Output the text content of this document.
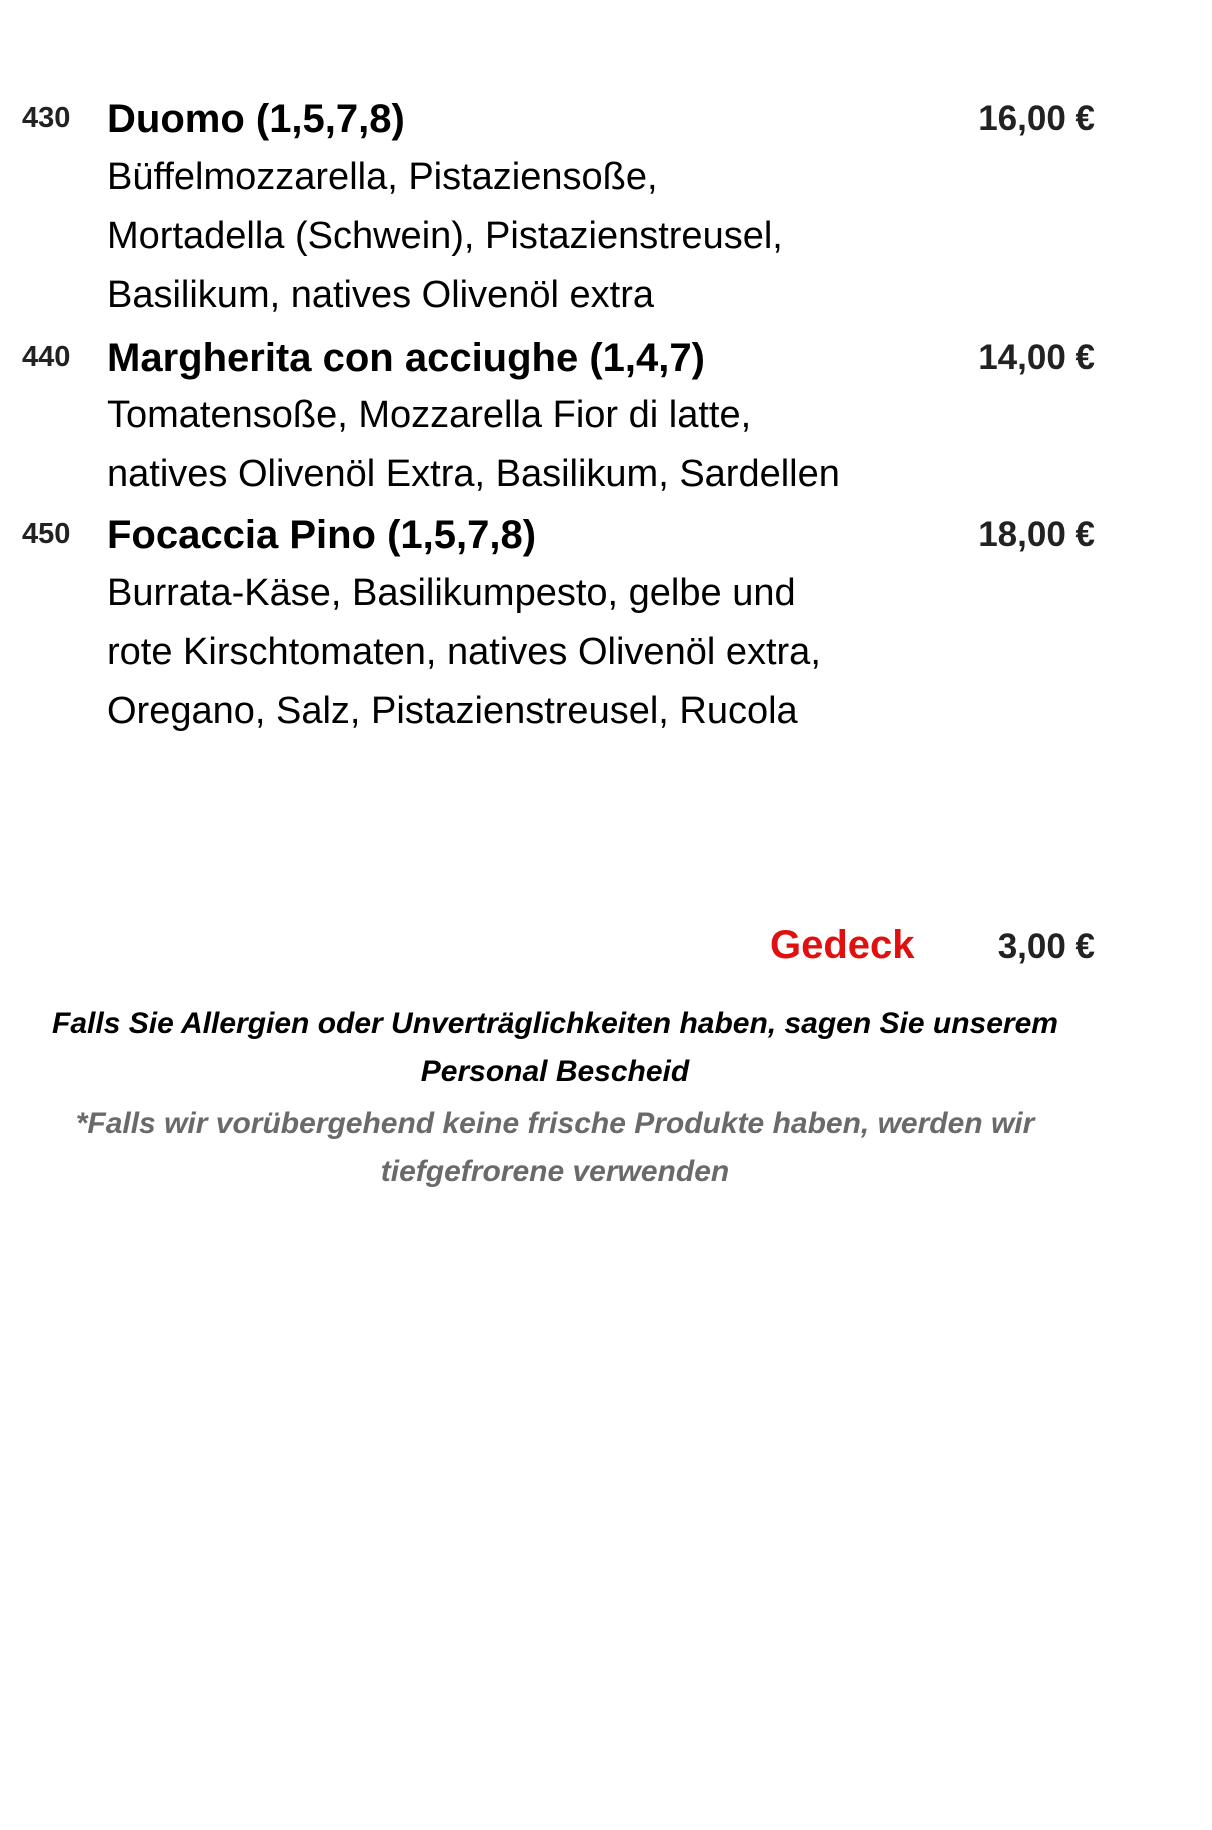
430 Duomo (1,5,7,8)	16,00 €
Büffelmozzarella, Pistaziensoße,
Mortadella (Schwein), Pistazienstreusel,
Basilikum, natives Olivenöl extra
440 Margherita con acciughe (1,4,7)	14,00 €
Tomatensoße, Mozzarella Fior di latte,
natives Olivenöl Extra, Basilikum, Sardellen
450 Focaccia Pino (1,5,7,8)	18,00 €
Burrata-Käse, Basilikumpesto, gelbe und
rote Kirschtomaten, natives Olivenöl extra,
Oregano, Salz, Pistazienstreusel, Rucola
Gedeck 3,00 €
Falls Sie Allergien oder Unverträglichkeiten haben, sagen Sie unserem
Personal Bescheid
*Falls wir vorübergehend keine frische Produkte haben, werden wir
tiefgefrorene verwenden
